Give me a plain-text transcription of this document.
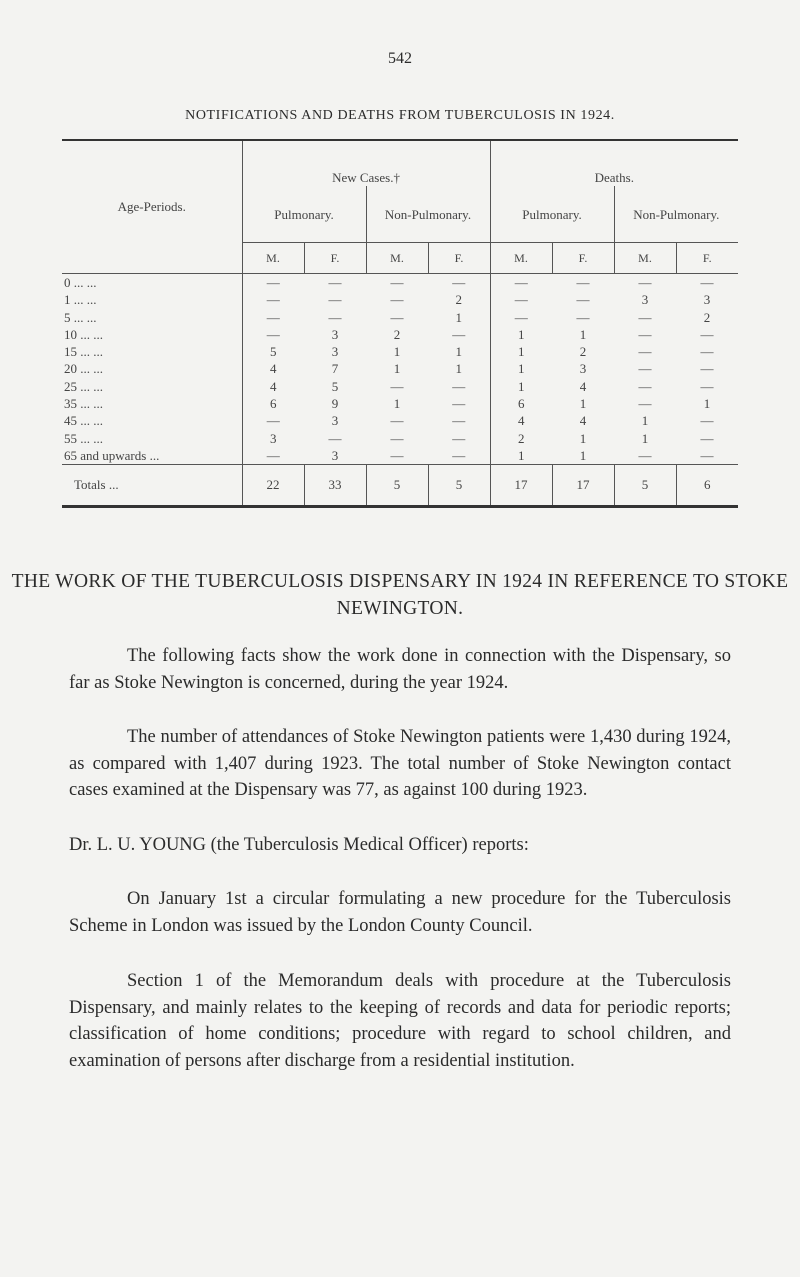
542
NOTIFICATIONS AND DEATHS FROM TUBERCULOSIS IN 1924.
Age-Periods.	New Cases.†				Deaths.			
	Pulmonary.		Non-Pulmonary.		Pulmonary.		Non-Pulmonary.	
	M.	F.	M.	F.	M.	F.	M.	F.
0 ... ...	—	—	—	—	—	—	—	—
1 ... ...	—	—	—	2	—	—	3	3
5 ... ...	—	—	—	1	—	—	—	2
10 ... ...	—	3	2	—	1	1	—	—
15 ... ...	5	3	1	1	1	2	—	—
20 ... ...	4	7	1	1	1	3	—	—
25 ... ...	4	5	—	—	1	4	—	—
35 ... ...	6	9	1	—	6	1	—	1
45 ... ...	—	3	—	—	4	4	1	—
55 ... ...	3	—	—	—	2	1	1	—
65 and upwards ...	—	3	—	—	1	1	—	—
Totals ...	22	33	5	5	17	17	5	6
THE WORK OF THE TUBERCULOSIS DISPENSARY IN 1924 IN REFERENCE TO STOKE NEWINGTON.

The following facts show the work done in connection with the Dispensary, so far as Stoke Newington is concerned, during the year 1924.

The number of attendances of Stoke Newington patients were 1,430 during 1924, as compared with 1,407 during 1923. The total number of Stoke Newington contact cases examined at the Dispensary was 77, as against 100 during 1923.

Dr. L. U. YOUNG (the Tuberculosis Medical Officer) reports:

On January 1st a circular formulating a new procedure for the Tuberculosis Scheme in London was issued by the London County Council.

Section 1 of the Memorandum deals with procedure at the Tuberculosis Dispensary, and mainly relates to the keeping of records and data for periodic reports; classification of home conditions; procedure with regard to school children, and examination of persons after discharge from a residential institution.
